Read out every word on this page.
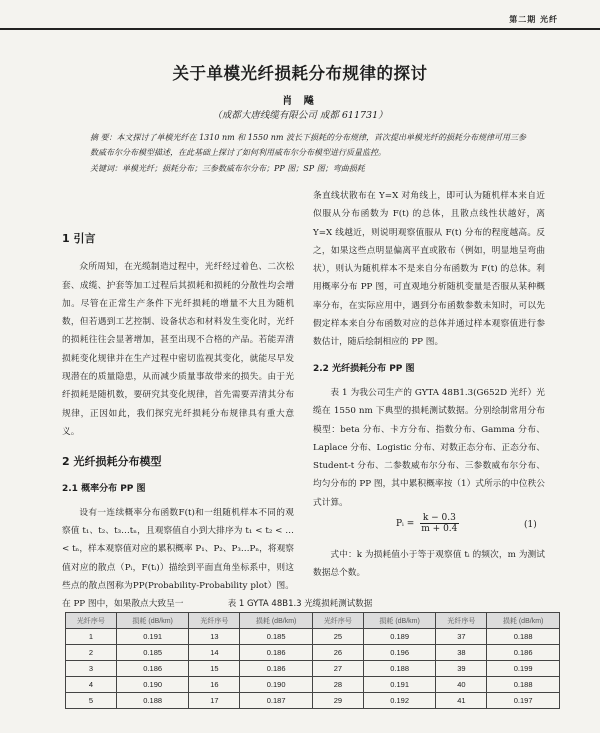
第二期 光纤
关于单模光纤损耗分布规律的探讨
肖 飚
（成都大唐线缆有限公司 成都 611731）
摘 要：本文探讨了单模光纤在 1310 nm 和 1550 nm 波长下损耗的分布规律，首次提出单模光纤的损耗分布规律可用三参数威布尔分布模型描述，在此基础上探讨了如何利用威布尔分布模型进行质量监控。
关键词：单模光纤；损耗分布；三参数威布尔分布；PP 图；SP 图；弯曲损耗
1 引言

众所周知，在光缆制造过程中，光纤经过着色、二次松套、成缆、护套等加工过程后其损耗和损耗的分散性均会增加。尽管在正常生产条件下光纤损耗的增量不大且为随机数，但若遇到工艺控制、设备状态和材料发生变化时，光纤的损耗往往会显著增加，甚至出现不合格的产品。若能弄清损耗变化规律并在生产过程中密切监视其变化，就能尽早发现潜在的质量隐患，从而减少质量事故带来的损失。由于光纤损耗是随机数，要研究其变化规律，首先需要弄清其分布规律，正因如此，我们探究光纤损耗分布规律具有重大意义。

2 光纤损耗分布模型
2.1 概率分布 PP 图

设有一连续概率分布函数F(t)和一组随机样本不同的观察值 t₁、t₂、t₃…tₙ，且观察值自小到大排序为 t₁ < t₂ < … < tₙ，样本观察值对应的累积概率 P₁、P₂、P₃…Pₙ，将观察值对应的散点（Pᵢ，F(tᵢ)）描绘到平面直角坐标系中，则这些点的散点图称为PP(Probability-Probability plot）图。在 PP 图中，如果散点大致呈一

条直线状散布在 Y=X 对角线上，即可认为随机样本来自近似服从分布函数为 F(t) 的总体，且散点线性状越好，离 Y=X 线越近，则说明观察值服从 F(t) 分布的程度越高。反之，如果这些点明显偏离平直或散布（例如，明显地呈弯曲状），则认为随机样本不是来自分布函数为 F(t) 的总体。利用概率分布 PP 图，可直观地分析随机变量是否服从某种概率分布，在实际应用中，遇到分布函数参数未知时，可以先假定样本来自分布函数对应的总体并通过样本观察值进行参数估计，随后绘制相应的 PP 图。

2.2 光纤损耗分布 PP 图

表 1 为我公司生产的 GYTA 48B1.3(G652D 光纤）光缆在 1550 nm 下典型的损耗测试数据。分别绘制常用分布模型：beta 分布、卡方分布、指数分布、Gamma 分布、Laplace 分布、Logistic 分布、对数正态分布、正态分布、Student-t 分布、二参数威布尔分布、三参数威布尔分布、均匀分布的 PP 图，其中累积概率按（1）式所示的中位秩公式计算。

Pᵢ = $\frac{k - 0.3}{m + 0.4}$	(1)

式中：k 为损耗值小于等于观察值 tᵢ 的频次，m 为测试数据总个数。

表 1 GYTA 48B1.3 光缆损耗测试数据
光纤序号	损耗 (dB/km)	光纤序号	损耗 (dB/km)	光纤序号	损耗 (dB/km)	光纤序号	损耗 (dB/km)
1	0.191	13	0.185	25	0.189	37	0.188
2	0.185	14	0.186	26	0.196	38	0.186
3	0.186	15	0.186	27	0.188	39	0.199
4	0.190	16	0.190	28	0.191	40	0.188
5	0.188	17	0.187	29	0.192	41	0.197
